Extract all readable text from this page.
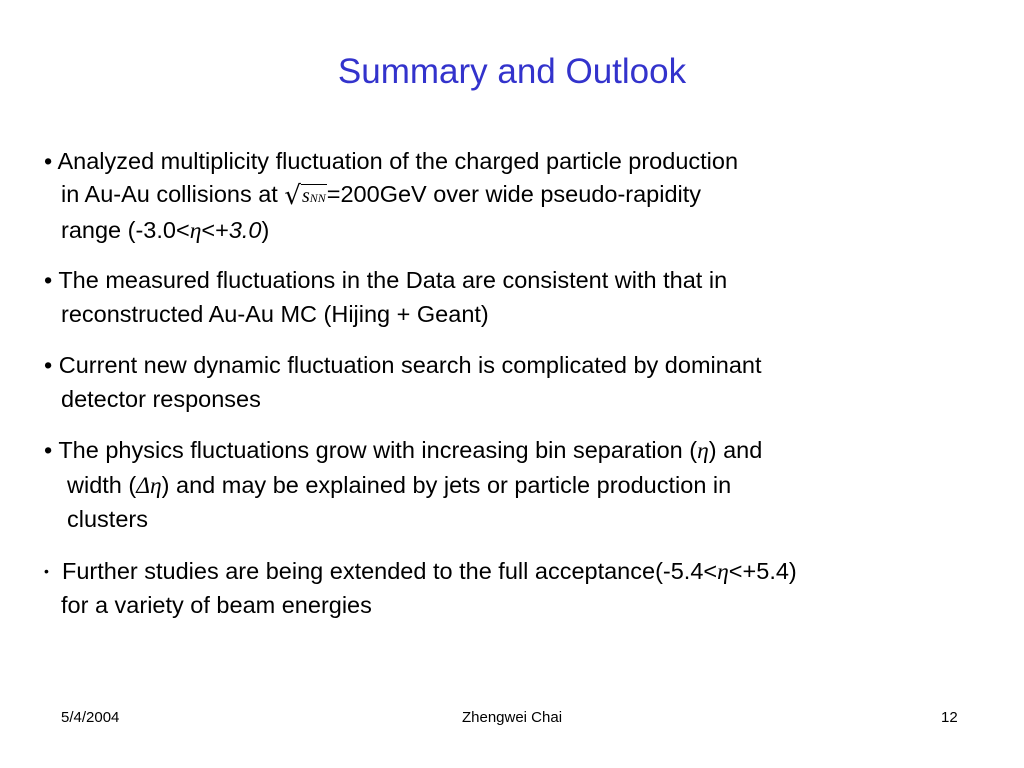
Summary and Outlook
• Analyzed multiplicity fluctuation of the charged particle production
in Au-Au collisions at √sNN=200GeV over wide pseudo-rapidity
range (-3.0<η<+3.0)
• The measured fluctuations in the Data are consistent with that in
reconstructed Au-Au MC (Hijing + Geant)
• Current new dynamic fluctuation search is complicated by dominant
detector responses
• The physics fluctuations grow with increasing bin separation (η) and
width (Δη) and may be explained by jets or particle production in
clusters
• Further studies are being extended to the full acceptance(-5.4<η<+5.4)
for a variety of beam energies
5/4/2004	Zhengwei Chai	12
